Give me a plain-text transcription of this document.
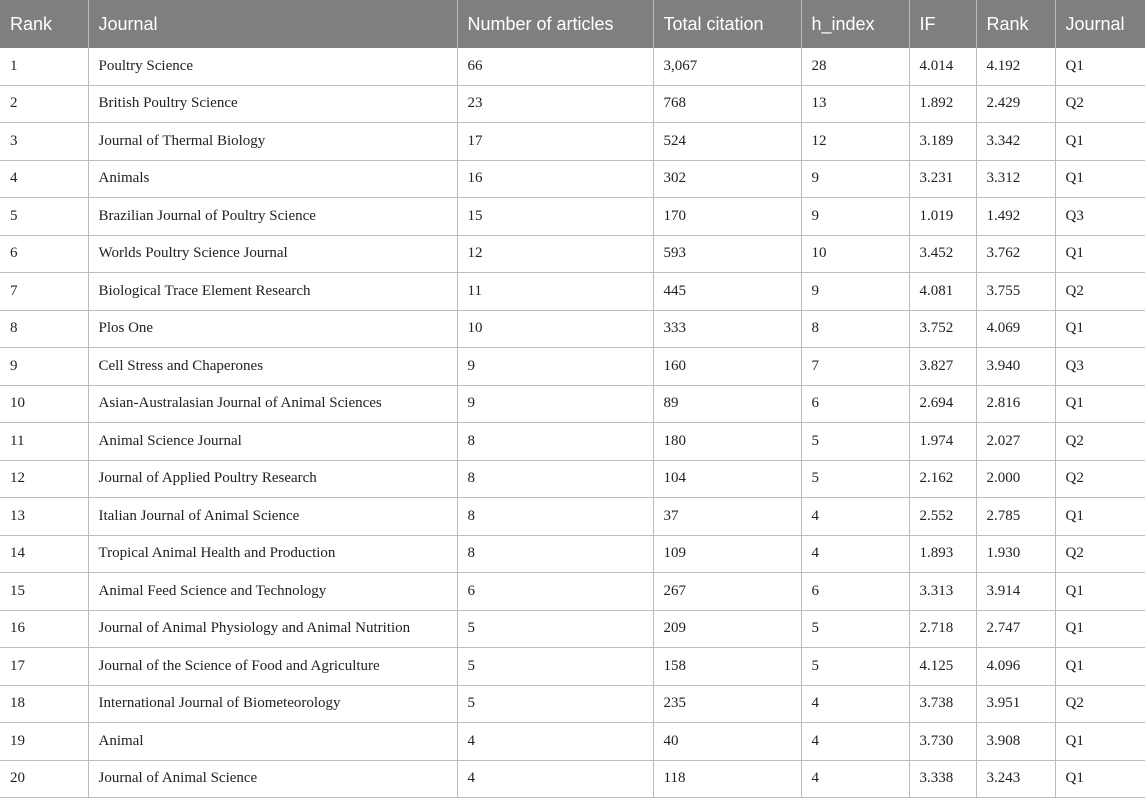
Rank	Journal	Number of articles	Total citation	h_index	IF	Rank	Journal
1	Poultry Science	66	3,067	28	4.014	4.192	Q1
2	British Poultry Science	23	768	13	1.892	2.429	Q2
3	Journal of Thermal Biology	17	524	12	3.189	3.342	Q1
4	Animals	16	302	9	3.231	3.312	Q1
5	Brazilian Journal of Poultry Science	15	170	9	1.019	1.492	Q3
6	Worlds Poultry Science Journal	12	593	10	3.452	3.762	Q1
7	Biological Trace Element Research	11	445	9	4.081	3.755	Q2
8	Plos One	10	333	8	3.752	4.069	Q1
9	Cell Stress and Chaperones	9	160	7	3.827	3.940	Q3
10	Asian-Australasian Journal of Animal Sciences	9	89	6	2.694	2.816	Q1
11	Animal Science Journal	8	180	5	1.974	2.027	Q2
12	Journal of Applied Poultry Research	8	104	5	2.162	2.000	Q2
13	Italian Journal of Animal Science	8	37	4	2.552	2.785	Q1
14	Tropical Animal Health and Production	8	109	4	1.893	1.930	Q2
15	Animal Feed Science and Technology	6	267	6	3.313	3.914	Q1
16	Journal of Animal Physiology and Animal Nutrition	5	209	5	2.718	2.747	Q1
17	Journal of the Science of Food and Agriculture	5	158	5	4.125	4.096	Q1
18	International Journal of Biometeorology	5	235	4	3.738	3.951	Q2
19	Animal	4	40	4	3.730	3.908	Q1
20	Journal of Animal Science	4	118	4	3.338	3.243	Q1
